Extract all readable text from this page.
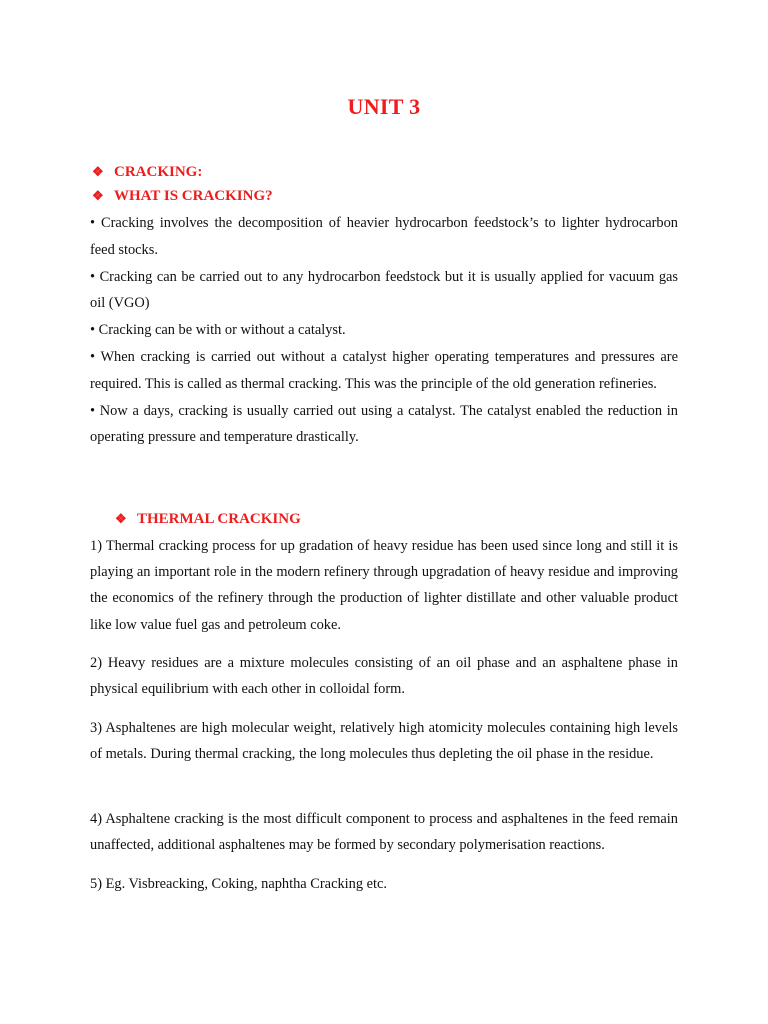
UNIT 3
❖ CRACKING:
❖ WHAT IS CRACKING?
• Cracking involves the decomposition of heavier hydrocarbon feedstock’s to lighter hydrocarbon feed stocks.
• Cracking can be carried out to any hydrocarbon feedstock but it is usually applied for vacuum gas oil (VGO)
• Cracking can be with or without a catalyst.
• When cracking is carried out without a catalyst higher operating temperatures and pressures are required. This is called as thermal cracking. This was the principle of the old generation refineries.
• Now a days, cracking is usually carried out using a catalyst. The catalyst enabled the reduction in operating pressure and temperature drastically.
❖ THERMAL CRACKING
1) Thermal cracking process for up gradation of heavy residue has been used since long and still it is playing an important role in the modern refinery through upgradation of heavy residue and improving the economics of the refinery through the production of lighter distillate and other valuable product like low value fuel gas and petroleum coke.
2) Heavy residues are a mixture molecules consisting of an oil phase and an asphaltene phase in physical equilibrium with each other in colloidal form.
3) Asphaltenes are high molecular weight, relatively high atomicity molecules containing high levels of metals. During thermal cracking, the long molecules thus depleting the oil phase in the residue.
4) Asphaltene cracking is the most difficult component to process and asphaltenes in the feed remain unaffected, additional asphaltenes may be formed by secondary polymerisation reactions.
5) Eg. Visbreacking, Coking, naphtha Cracking etc.
